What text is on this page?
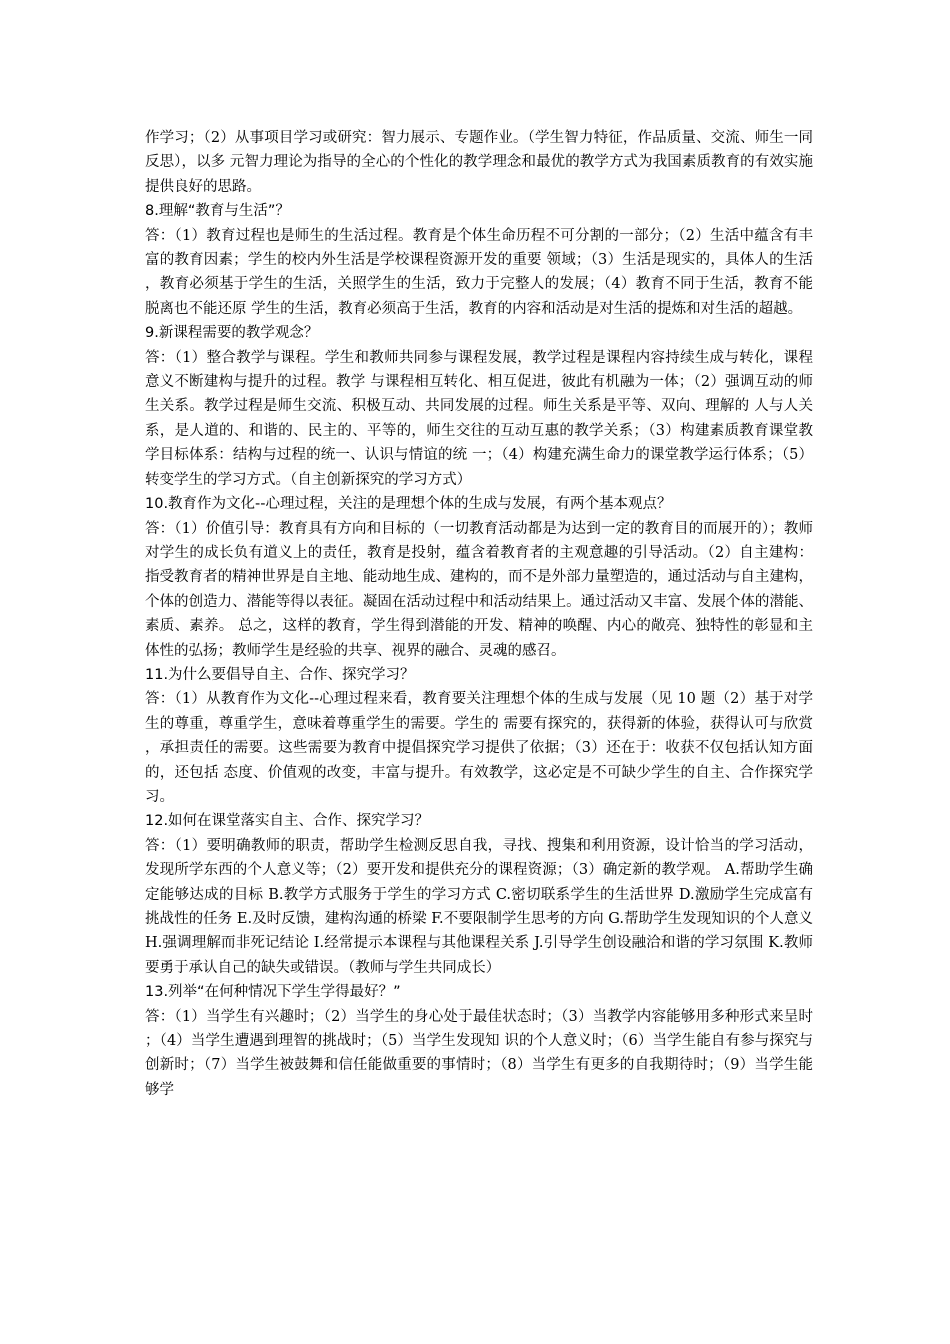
作学习；（2）从事项目学习或研究：智力展示、专题作业。（学生智力特征，作品质量、交流、师生一同反思），以多 元智力理论为指导的全心的个性化的教学理念和最优的教学方式为我国素质教育的有效实施提供良好的思路。

8.理解“教育与生活”？

答：（1）教育过程也是师生的生活过程。教育是个体生命历程不可分割的一部分；（2）生活中蕴含有丰富的教育因素；学生的校内外生活是学校课程资源开发的重要 领域；（3）生活是现实的，具体人的生活，教育必须基于学生的生活，关照学生的生活，致力于完整人的发展；（4）教育不同于生活，教育不能脱离也不能还原 学生的生活，教育必须高于生活，教育的内容和活动是对生活的提炼和对生活的超越。

9.新课程需要的教学观念？

答：（1）整合教学与课程。学生和教师共同参与课程发展，教学过程是课程内容持续生成与转化，课程意义不断建构与提升的过程。教学 与课程相互转化、相互促进，彼此有机融为一体；（2）强调互动的师生关系。教学过程是师生交流、积极互动、共同发展的过程。师生关系是平等、双向、理解的 人与人关系，是人道的、和谐的、民主的、平等的，师生交往的互动互惠的教学关系；（3）构建素质教育课堂教学目标体系：结构与过程的统一、认识与情谊的统 一；（4）构建充满生命力的课堂教学运行体系；（5）转变学生的学习方式。（自主创新探究的学习方式）

10.教育作为文化--心理过程，关注的是理想个体的生成与发展，有两个基本观点？

答：（1）价值引导：教育具有方向和目标的（一切教育活动都是为达到一定的教育目的而展开的）；教师对学生的成长负有道义上的责任，教育是投射，蕴含着教育者的主观意趣的引导活动。（2）自主建构：指受教育者的精神世界是自主地、能动地生成、建构的，而不是外部力量塑造的，通过活动与自主建构，个体的创造力、潜能等得以表征。凝固在活动过程中和活动结果上。通过活动又丰富、发展个体的潜能、素质、素养。 总之，这样的教育，学生得到潜能的开发、精神的唤醒、内心的敞亮、独特性的彰显和主体性的弘扬；教师学生是经验的共享、视界的融合、灵魂的感召。

11.为什么要倡导自主、合作、探究学习？

答：（1）从教育作为文化--心理过程来看，教育要关注理想个体的生成与发展（见 10 题（2）基于对学生的尊重，尊重学生，意味着尊重学生的需要。学生的 需要有探究的，获得新的体验，获得认可与欣赏，承担责任的需要。这些需要为教育中提倡探究学习提供了依据；（3）还在于：收获不仅包括认知方面的，还包括 态度、价值观的改变，丰富与提升。有效教学，这必定是不可缺少学生的自主、合作探究学习。

12.如何在课堂落实自主、合作、探究学习？

答：（1）要明确教师的职责，帮助学生检测反思自我，寻找、搜集和利用资源，设计恰当的学习活动，发现所学东西的个人意义等；（2）要开发和提供充分的课程资源；（3）确定新的教学观。 A.帮助学生确定能够达成的目标 B.教学方式服务于学生的学习方式 C.密切联系学生的生活世界 D.激励学生完成富有挑战性的任务 E.及时反馈，建构沟通的桥梁 F.不要限制学生思考的方向 G.帮助学生发现知识的个人意义 H.强调理解而非死记结论 I.经常提示本课程与其他课程关系 J.引导学生创设融洽和谐的学习氛围 K.教师要勇于承认自己的缺失或错误。（教师与学生共同成长）

13.列举“在何种情况下学生学得最好？”

答：（1）当学生有兴趣时；（2）当学生的身心处于最佳状态时；（3）当教学内容能够用多种形式来呈时；（4）当学生遭遇到理智的挑战时；（5）当学生发现知 识的个人意义时；（6）当学生能自有参与探究与创新时；（7）当学生被鼓舞和信任能做重要的事情时；（8）当学生有更多的自我期待时；（9）当学生能够学
